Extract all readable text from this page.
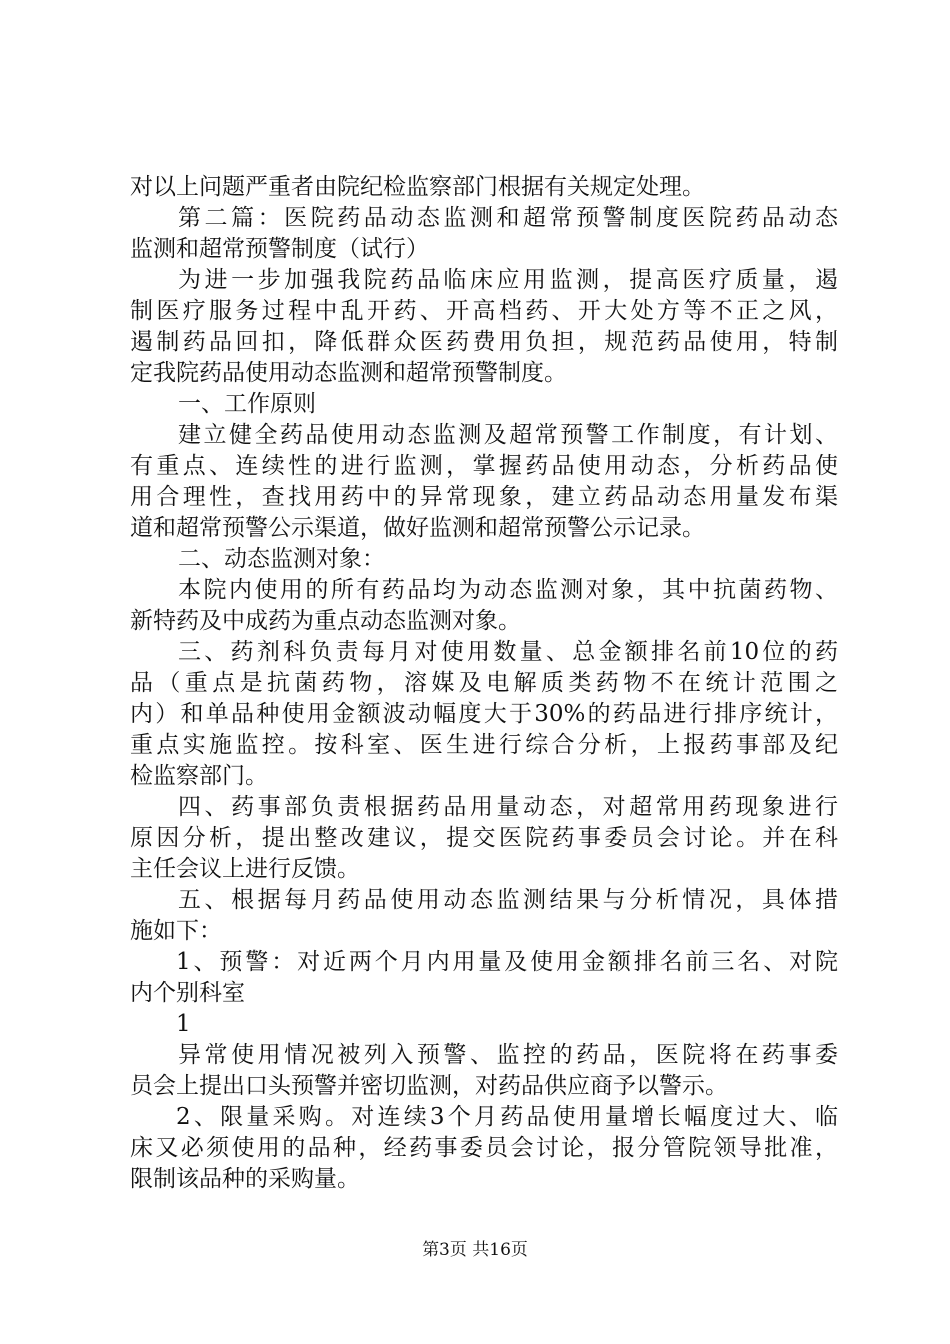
对以上问题严重者由院纪检监察部门根据有关规定处理。
第二篇：医院药品动态监测和超常预警制度医院药品动态
监测和超常预警制度（试行）
为进一步加强我院药品临床应用监测，提高医疗质量，遏
制医疗服务过程中乱开药、开高档药、开大处方等不正之风，
遏制药品回扣，降低群众医药费用负担，规范药品使用，特制
定我院药品使用动态监测和超常预警制度。
一、工作原则
建立健全药品使用动态监测及超常预警工作制度，有计划、
有重点、连续性的进行监测，掌握药品使用动态，分析药品使
用合理性，查找用药中的异常现象，建立药品动态用量发布渠
道和超常预警公示渠道，做好监测和超常预警公示记录。
二、动态监测对象：
本院内使用的所有药品均为动态监测对象，其中抗菌药物、
新特药及中成药为重点动态监测对象。
三、药剂科负责每月对使用数量、总金额排名前10位的药
品（重点是抗菌药物，溶媒及电解质类药物不在统计范围之
内）和单品种使用金额波动幅度大于30%的药品进行排序统计，
重点实施监控。按科室、医生进行综合分析，上报药事部及纪
检监察部门。
四、药事部负责根据药品用量动态，对超常用药现象进行
原因分析，提出整改建议，提交医院药事委员会讨论。并在科
主任会议上进行反馈。
五、根据每月药品使用动态监测结果与分析情况，具体措
施如下：
1、预警：对近两个月内用量及使用金额排名前三名、对院
内个别科室
1
异常使用情况被列入预警、监控的药品，医院将在药事委
员会上提出口头预警并密切监测，对药品供应商予以警示。
2、限量采购。对连续3个月药品使用量增长幅度过大、临
床又必须使用的品种，经药事委员会讨论，报分管院领导批准，
限制该品种的采购量。
第3页 共16页
